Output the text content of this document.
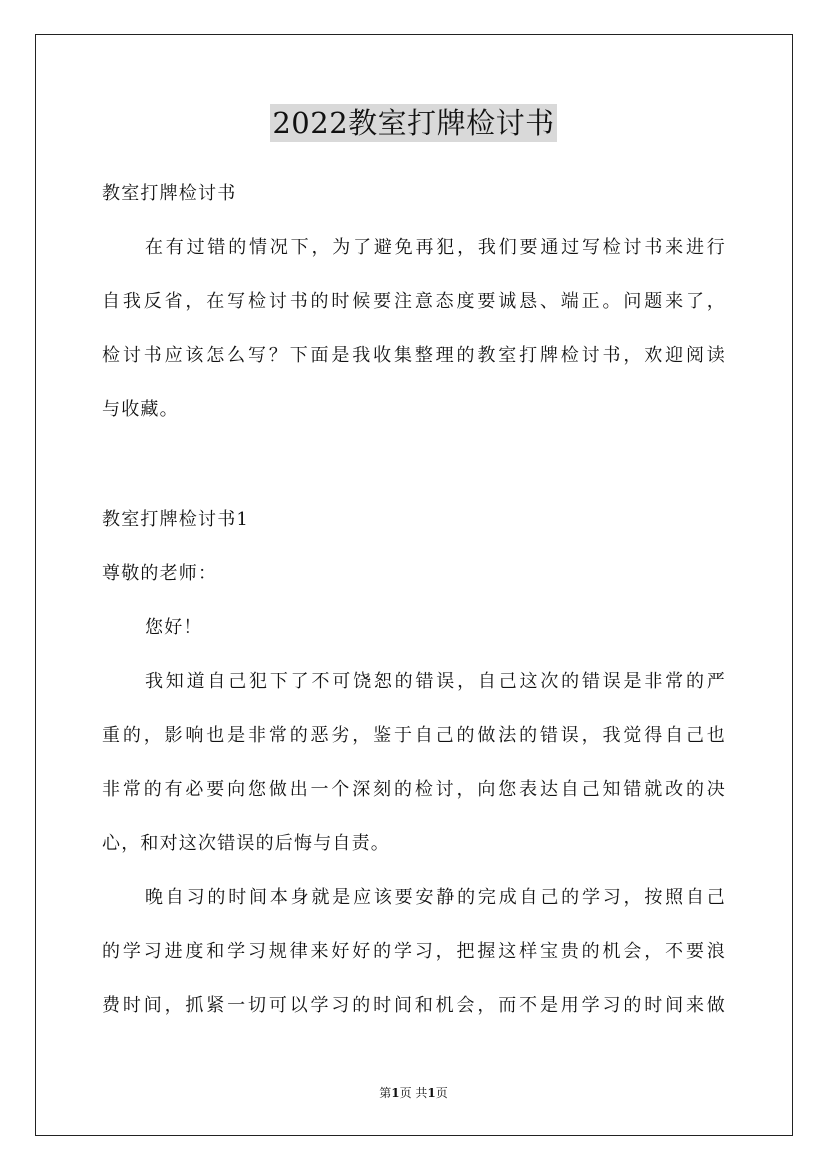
2022教室打牌检讨书
教室打牌检讨书
在有过错的情况下，为了避免再犯，我们要通过写检讨书来进行
自我反省，在写检讨书的时候要注意态度要诚恳、端正。问题来了，
检讨书应该怎么写？下面是我收集整理的教室打牌检讨书，欢迎阅读
与收藏。
教室打牌检讨书1
尊敬的老师：
您好！
我知道自己犯下了不可饶恕的错误，自己这次的错误是非常的严
重的，影响也是非常的恶劣，鉴于自己的做法的错误，我觉得自己也
非常的有必要向您做出一个深刻的检讨，向您表达自己知错就改的决
心，和对这次错误的后悔与自责。
晚自习的时间本身就是应该要安静的完成自己的学习，按照自己
的学习进度和学习规律来好好的学习，把握这样宝贵的机会，不要浪
费时间，抓紧一切可以学习的时间和机会，而不是用学习的时间来做
第1页 共1页
